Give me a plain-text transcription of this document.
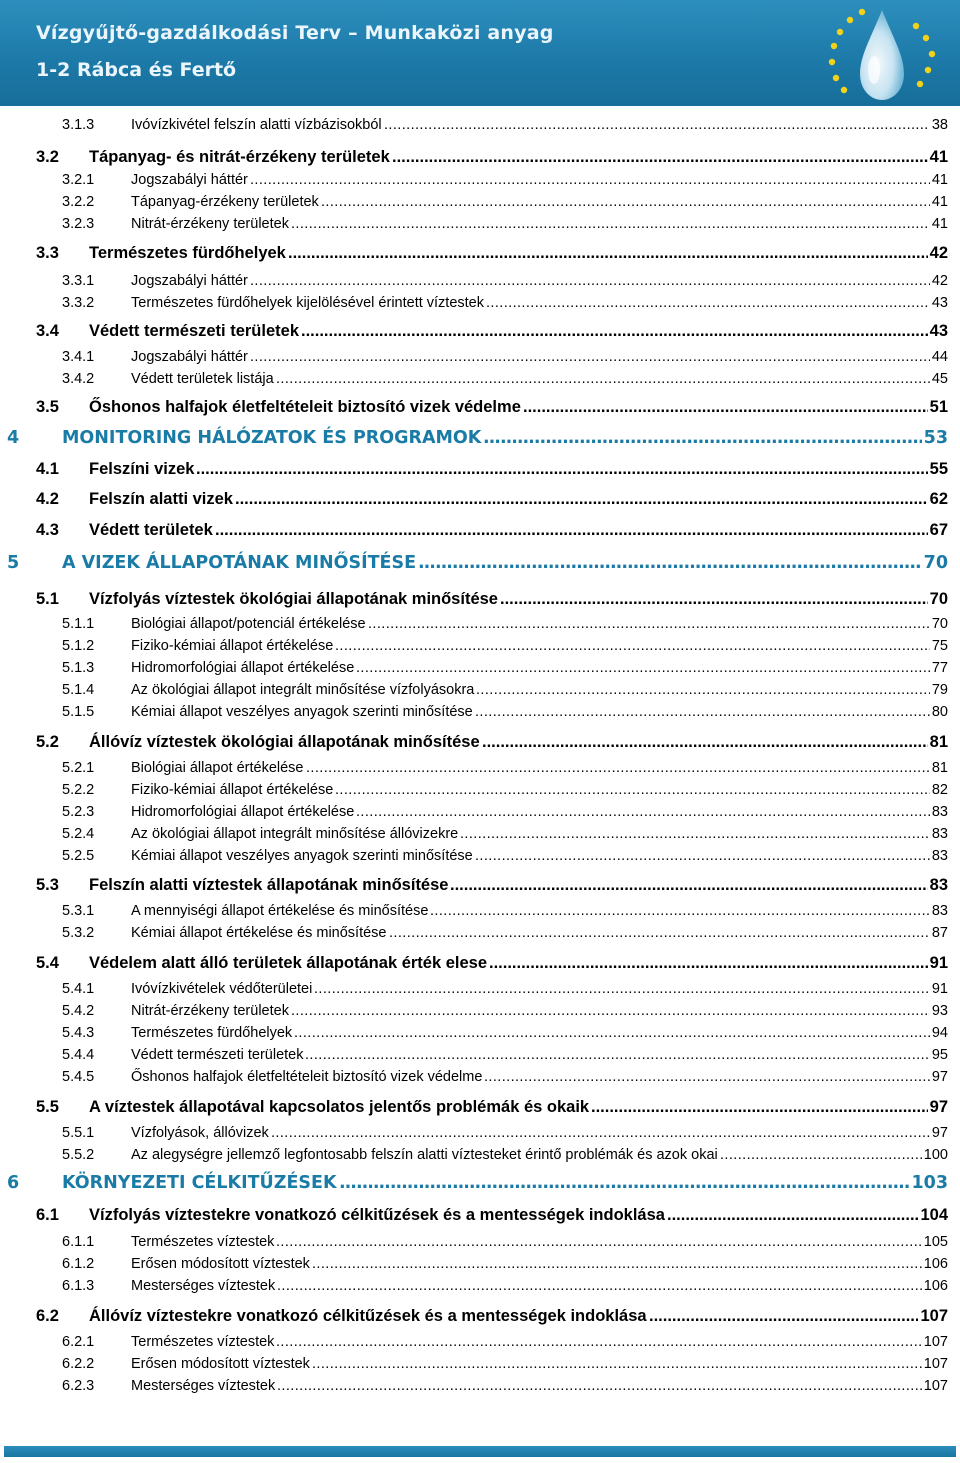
Vízgyűjtő-gazdálkodási Terv – Munkaközi anyag
1-2 Rábca és Fertő
3.1.3	Ivóvízkivétel felszín alatti vízbázisokból .....	38
3.2 Tápanyag- és nitrát-érzékeny területek .....	41
3.2.1	Jogszabályi háttér .....	41
3.2.2	Tápanyag-érzékeny területek .....	41
3.2.3	Nitrát-érzékeny területek .....	41
3.3 Természetes fürdőhelyek .....	42
3.3.1	Jogszabályi háttér .....	42
3.3.2	Természetes fürdőhelyek kijelölésével érintett víztestek .....	43
3.4 Védett természeti területek .....	43
3.4.1	Jogszabályi háttér .....	44
3.4.2	Védett területek listája .....	45
3.5 Őshonos halfajok életfeltételeit biztosító vizek védelme .....	51
4 MONITORING HÁLÓZATOK ÉS PROGRAMOK .....	53
4.1 Felszíni vizek .....	55
4.2 Felszín alatti vizek .....	62
4.3 Védett területek .....	67
5 A VIZEK ÁLLAPOTÁNAK MINŐSÍTÉSE .....	70
5.1 Vízfolyás víztestek ökológiai állapotának minősítése .....	70
5.1.1	Biológiai állapot/potenciál értékelése .....	70
5.1.2	Fiziko-kémiai állapot értékelése .....	75
5.1.3	Hidromorfológiai állapot értékelése .....	77
5.1.4	Az ökológiai állapot integrált minősítése vízfolyásokra .....	79
5.1.5	Kémiai állapot veszélyes anyagok szerinti minősítése .....	80
5.2 Állóvíz víztestek ökológiai állapotának minősítése .....	81
5.2.1	Biológiai állapot értékelése .....	81
5.2.2	Fiziko-kémiai állapot értékelése .....	82
5.2.3	Hidromorfológiai állapot értékelése .....	83
5.2.4	Az ökológiai állapot integrált minősítése állóvizekre .....	83
5.2.5	Kémiai állapot veszélyes anyagok szerinti minősítése .....	83
5.3 Felszín alatti víztestek állapotának minősítése .....	83
5.3.1	A mennyiségi állapot értékelése és minősítése .....	83
5.3.2	Kémiai állapot értékelése és minősítése .....	87
5.4 Védelem alatt álló területek állapotának érték elese .....	91
5.4.1	Ivóvízkivételek védőterületei .....	91
5.4.2	Nitrát-érzékeny területek .....	93
5.4.3	Természetes fürdőhelyek .....	94
5.4.4	Védett természeti területek .....	95
5.4.5	Őshonos halfajok életfeltételeit biztosító vizek védelme .....	97
5.5 A víztestek állapotával kapcsolatos jelentős problémák és okaik .....	97
5.5.1	Vízfolyások, állóvizek .....	97
5.5.2	Az alegységre jellemző legfontosabb felszín alatti víztesteket érintő problémák és azok okai .....	100
6 KÖRNYEZETI CÉLKITŰZÉSEK .....	103
6.1 Vízfolyás víztestekre vonatkozó célkitűzések és a mentességek indoklása .....	104
6.1.1	Természetes víztestek .....	105
6.1.2	Erősen módosított víztestek .....	106
6.1.3	Mesterséges víztestek .....	106
6.2 Állóvíz víztestekre vonatkozó célkitűzések és a mentességek indoklása .....	107
6.2.1	Természetes víztestek .....	107
6.2.2	Erősen módosított víztestek .....	107
6.2.3	Mesterséges víztestek .....	107
